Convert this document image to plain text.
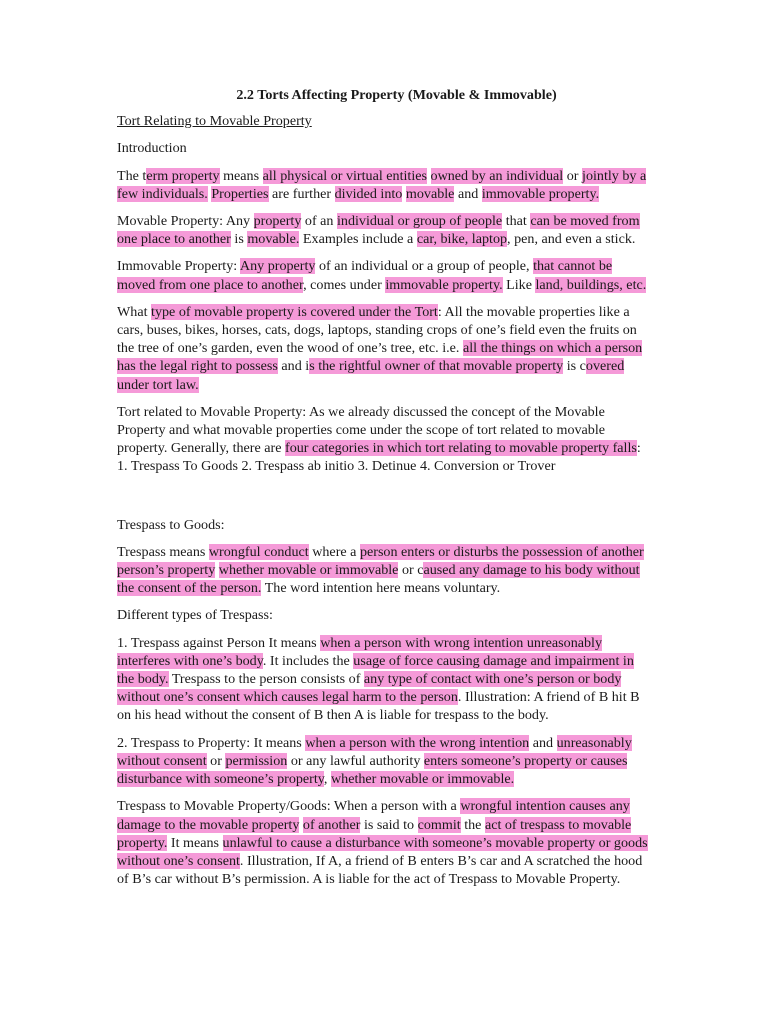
2.2 Torts Affecting Property (Movable & Immovable)
Tort Relating to Movable Property
Introduction
The term property means all physical or virtual entities owned by an individual or jointly by a few individuals. Properties are further divided into movable and immovable property.
Movable Property: Any property of an individual or group of people that can be moved from one place to another is movable. Examples include a car, bike, laptop, pen, and even a stick.
Immovable Property: Any property of an individual or a group of people, that cannot be moved from one place to another, comes under immovable property. Like land, buildings, etc.
What type of movable property is covered under the Tort: All the movable properties like a cars, buses, bikes, horses, cats, dogs, laptops, standing crops of one’s field even the fruits on the tree of one’s garden, even the wood of one’s tree, etc. i.e. all the things on which a person has the legal right to possess and is the rightful owner of that movable property is covered under tort law.
Tort related to Movable Property: As we already discussed the concept of the Movable Property and what movable properties come under the scope of tort related to movable property. Generally, there are four categories in which tort relating to movable property falls: 1. Trespass To Goods 2. Trespass ab initio 3. Detinue 4. Conversion or Trover
Trespass to Goods:
Trespass means wrongful conduct where a person enters or disturbs the possession of another person’s property whether movable or immovable or caused any damage to his body without the consent of the person. The word intention here means voluntary.
Different types of Trespass:
1. Trespass against Person It means when a person with wrong intention unreasonably interferes with one’s body. It includes the usage of force causing damage and impairment in the body. Trespass to the person consists of any type of contact with one’s person or body without one’s consent which causes legal harm to the person. Illustration: A friend of B hit B on his head without the consent of B then A is liable for trespass to the body.
2. Trespass to Property: It means when a person with the wrong intention and unreasonably without consent or permission or any lawful authority enters someone’s property or causes disturbance with someone’s property, whether movable or immovable.
Trespass to Movable Property/Goods: When a person with a wrongful intention causes any damage to the movable property of another is said to commit the act of trespass to movable property. It means unlawful to cause a disturbance with someone’s movable property or goods without one’s consent. Illustration, If A, a friend of B enters B’s car and A scratched the hood of B’s car without B’s permission. A is liable for the act of Trespass to Movable Property.
